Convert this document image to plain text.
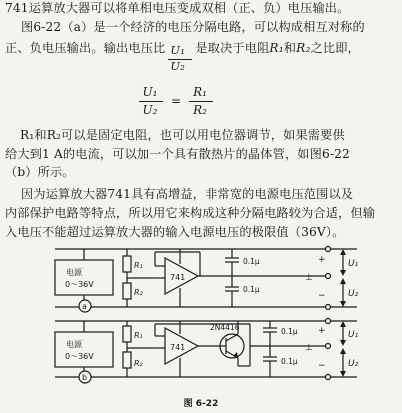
741运算放大器可以将单相电压变成双相（正、负）电压输出。
图6-22（a）是一个经济的电压分隔电路，可以构成相互对称的
正、负电压输出。输出电压比
$\frac{\text{U₁}}{\text{U₂}}$
是取决于电阻R₁和R₂之比即，
U₁
U₂
=
R₁
R₂
R₁和R₂可以是固定电阻，也可以用电位器调节，如果需要供
给大到1 A的电流，可以加一个具有散热片的晶体管，如图6-22
（b）所示。
因为运算放大器741具有高增益，非常宽的电源电压范围以及
内部保护电路等特点，所以用它来构成这种分隔电路较为合适，但输
入电压不能超过运算放大器的输入电源电压的极限值（36V）。
电源
0～36V
R₁
R₂
741
0.1μ
0.1μ
+
−
⊥
U₁
U₂
a
电源
0～36V
R₁
R₂
741
2N4416	0.1μ
0.1μ
+
−
⊥
U₁
U₂
b
图 6-22
